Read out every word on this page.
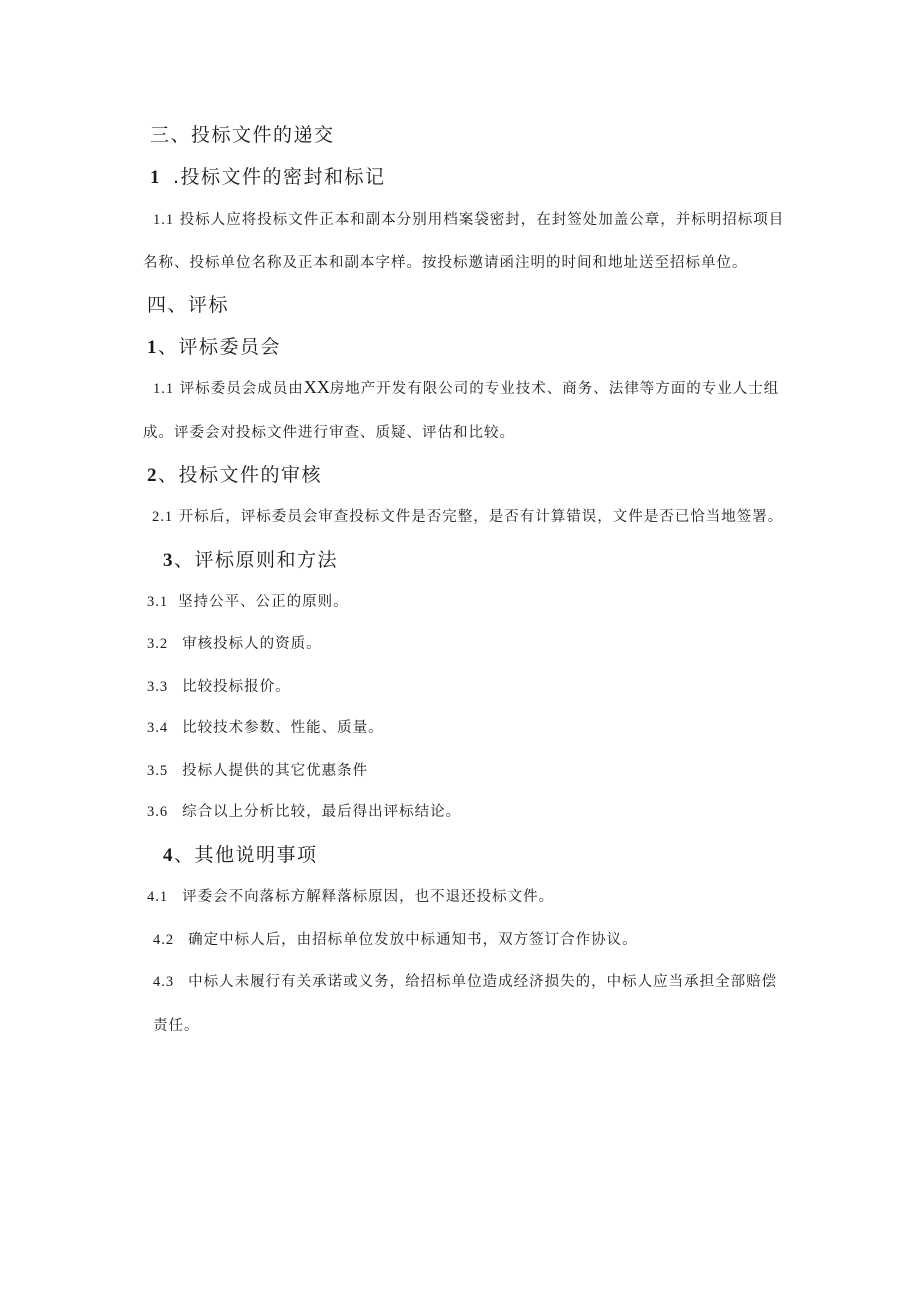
三、投标文件的递交
1 .投标文件的密封和标记
1.1 投标人应将投标文件正本和副本分别用档案袋密封，在封签处加盖公章，并标明招标项目
名称、投标单位名称及正本和副本字样。按投标邀请函注明的时间和地址送至招标单位。
四、评标
1、评标委员会
1.1 评标委员会成员由XX房地产开发有限公司的专业技术、商务、法律等方面的专业人士组
成。评委会对投标文件进行审查、质疑、评估和比较。
2、投标文件的审核
2.1 开标后，评标委员会审查投标文件是否完整，是否有计算错误，文件是否已恰当地签署。
3、评标原则和方法
3.1 坚持公平、公正的原则。
3.2 审核投标人的资质。
3.3 比较投标报价。
3.4 比较技术参数、性能、质量。
3.5 投标人提供的其它优惠条件
3.6 综合以上分析比较，最后得出评标结论。
4、其他说明事项
4.1 评委会不向落标方解释落标原因，也不退还投标文件。
4.2 确定中标人后，由招标单位发放中标通知书，双方签订合作协议。
4.3 中标人未履行有关承诺或义务，给招标单位造成经济损失的，中标人应当承担全部赔偿
责任。
